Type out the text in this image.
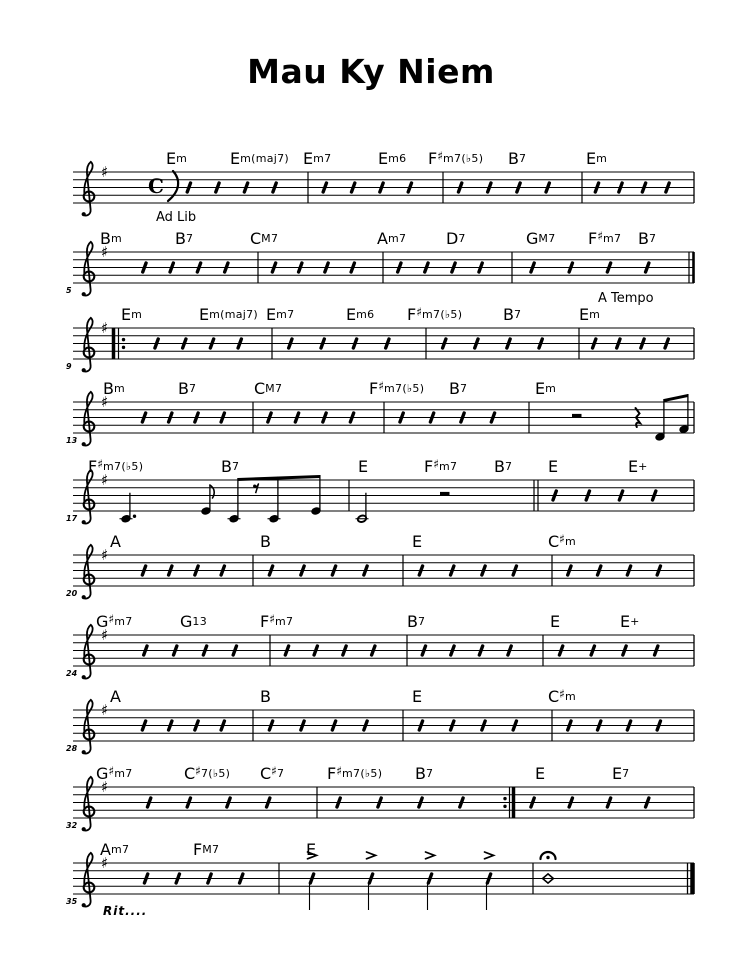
Mau Ky Niem
♯
C
♯
♯
♯
♯
♯
♯
♯
♯
♯
Em	Em(maj7) Em7	Em6 F♯m7(♭5) B7	Em
Ad Lib
Bm	B7	CM7	Am7 D7	GM7 F♯m7 B7
5
Em	Em(maj7) Em7	Em6 F♯m7(♭5)	B7	Em
9
A Tempo
Bm	B7	CM7	F♯m7(♭5) B7	Em
13
F♯m7(♭5)	B7	E	F♯m7 B7 E	E+
17
A	B	E	C♯m
20
G♯m7	G13	F♯m7	B7	E	E+
24
A	B	E	C♯m
28
G♯m7	C♯7(♭5) C♯7	F♯m7(♭5) B7	E	E7
32
Am7	FM7	E
35
Rit....
